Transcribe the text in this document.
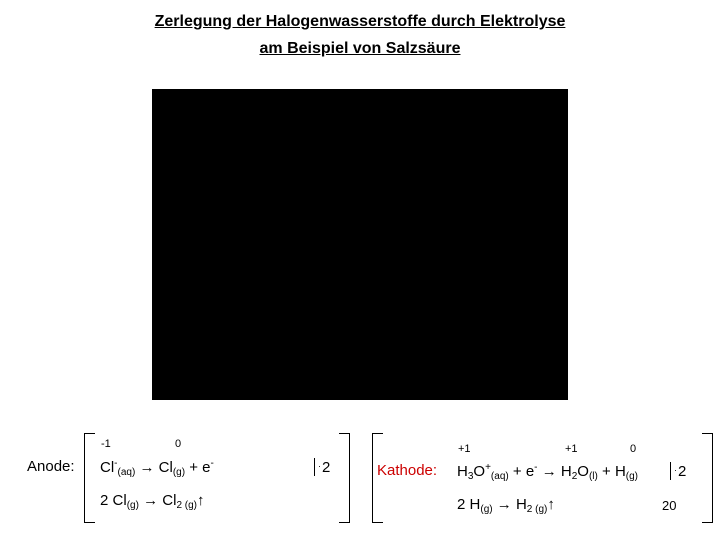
Zerlegung der Halogenwasserstoffe durch Elektrolyse
am Beispiel von Salzsäure
Anode:
-1	0
$Cl^-_{(aq)} \to Cl_{(g)} + e^-$	·2
2 $Cl_{(g)}$ → $Cl_{2 (g)}↑$
Kathode:
+1	+1	0
$H_3O^+_{(aq)} + e^- \to H_2O_{(l)} + H_{(g)}$
·2
2 $H_{(g)}$ → $H_{2 (g)}↑$	20
